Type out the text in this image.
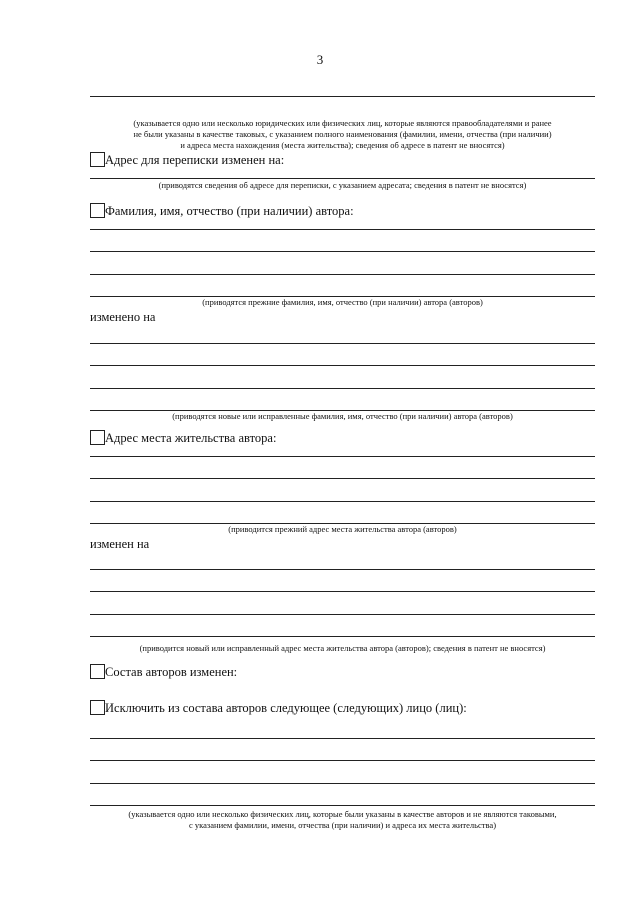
3
(указывается одно или несколько юридических или физических лиц, которые являются правообладателями и ранее
не были указаны в качестве таковых, с указанием полного наименования (фамилии, имени, отчества (при наличии)
и адреса места нахождения (места жительства); сведения об адресе в патент не вносятся)
Адрес для переписки изменен на:
(приводятся сведения об адресе для переписки, с указанием адресата; сведения в патент не вносятся)
Фамилия, имя, отчество (при наличии) автора:
(приводятся прежние фамилия, имя, отчество (при наличии) автора (авторов)
изменено на
(приводятся новые или исправленные фамилия, имя, отчество (при наличии) автора (авторов)
Адрес места жительства автора:
(приводится прежний адрес места жительства автора (авторов)
изменен на
(приводится новый или исправленный адрес места жительства автора (авторов); сведения в патент не вносятся)
Состав авторов изменен:
Исключить из состава авторов следующее (следующих) лицо (лиц):
(указывается одно или несколько физических лиц, которые были указаны в качестве авторов и не являются таковыми,
с указанием фамилии, имени, отчества (при наличии) и адреса их места жительства)
